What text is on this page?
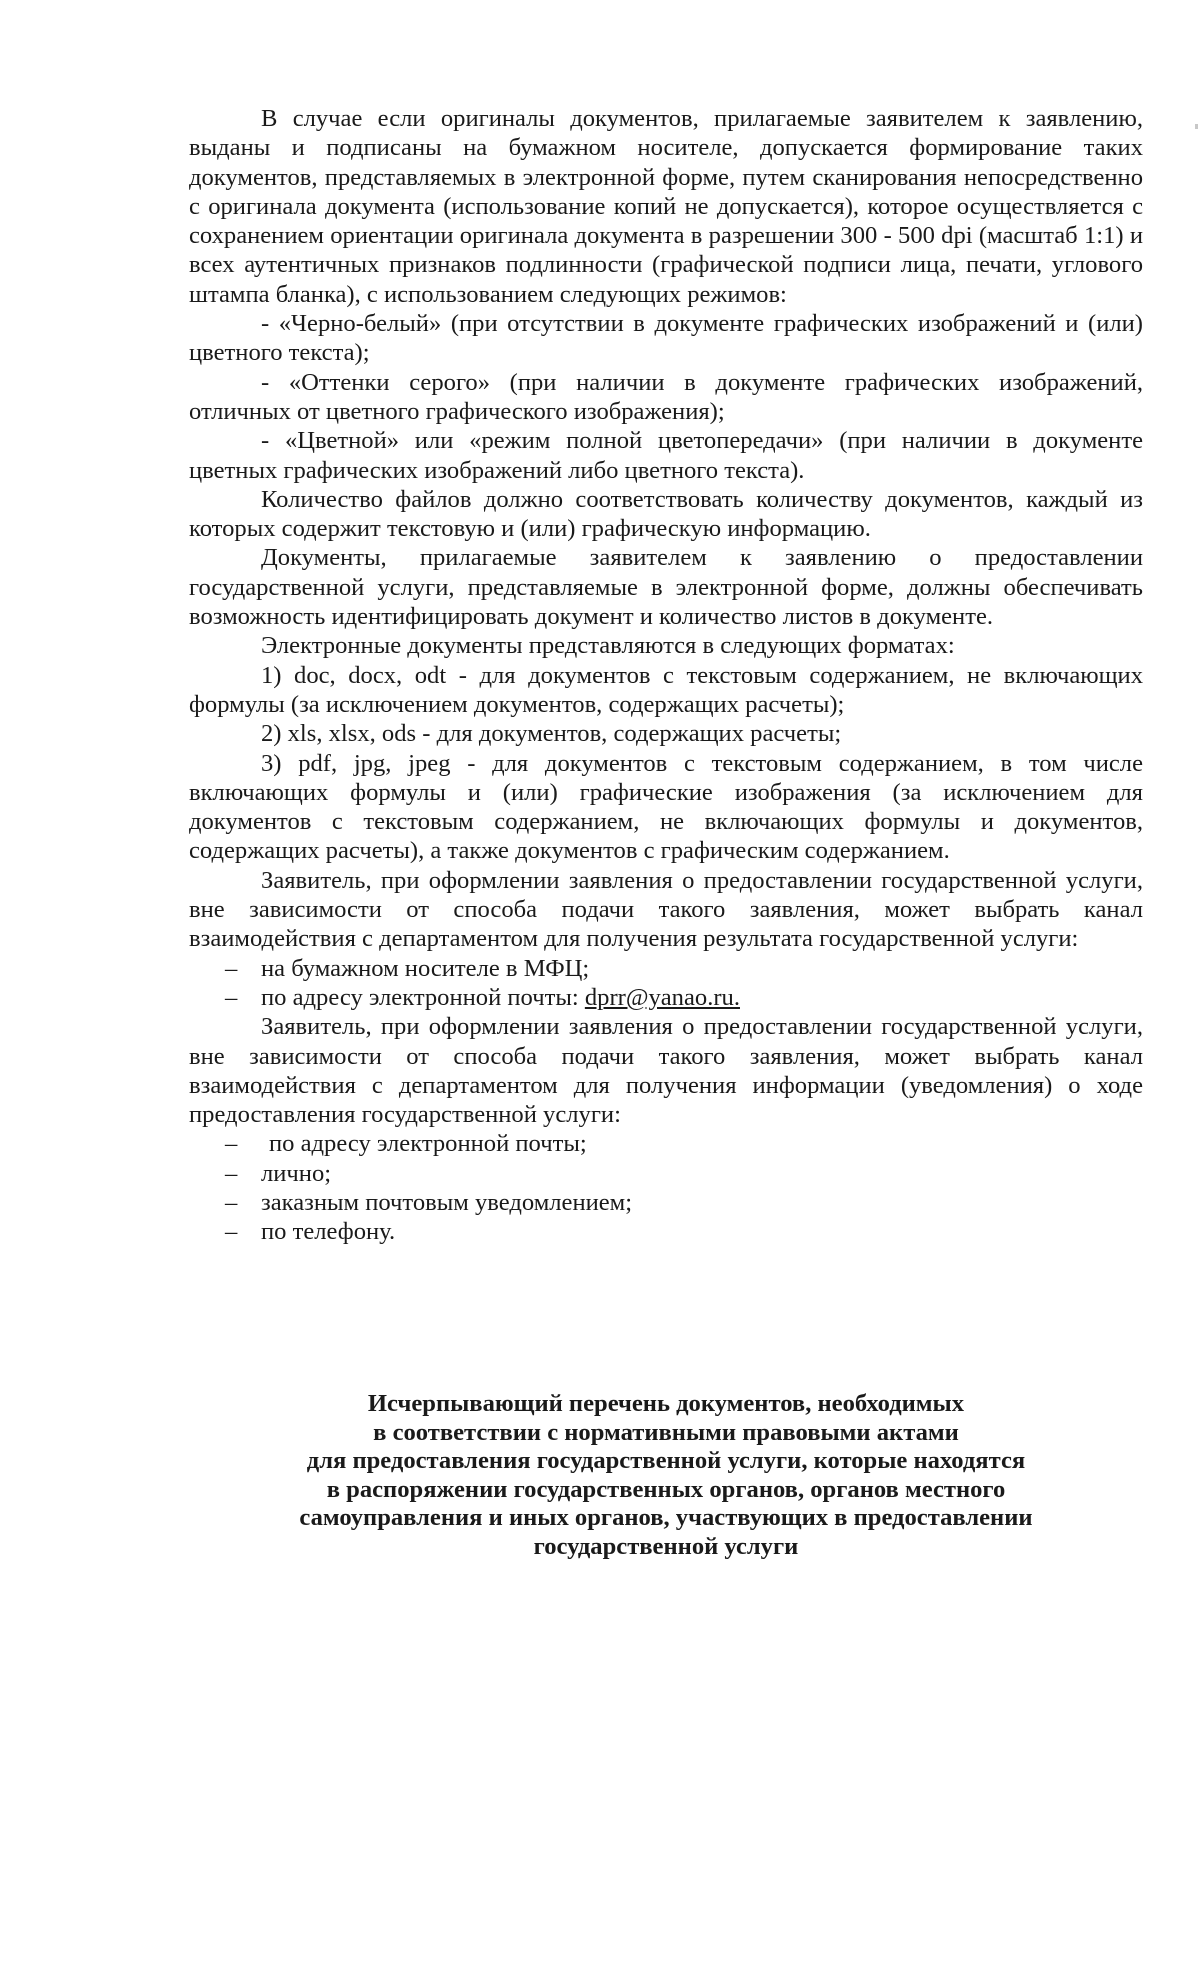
В случае если оригиналы документов, прилагаемые заявителем к заявлению, выданы и подписаны на бумажном носителе, допускается формирование таких документов, представляемых в электронной форме, путем сканирования непосредственно с оригинала документа (использование копий не допускается), которое осуществляется с сохранением ориентации оригинала документа в разрешении 300 - 500 dpi (масштаб 1:1) и всех аутентичных признаков подлинности (графической подписи лица, печати, углового штампа бланка), с использованием следующих режимов:

- «Черно-белый» (при отсутствии в документе графических изображений и (или) цветного текста);

- «Оттенки серого» (при наличии в документе графических изображений, отличных от цветного графического изображения);

- «Цветной» или «режим полной цветопередачи» (при наличии в документе цветных графических изображений либо цветного текста).

Количество файлов должно соответствовать количеству документов, каждый из которых содержит текстовую и (или) графическую информацию.

Документы, прилагаемые заявителем к заявлению о предоставлении государственной услуги, представляемые в электронной форме, должны обеспечивать возможность идентифицировать документ и количество листов в документе.

Электронные документы представляются в следующих форматах:

1) doc, docx, odt - для документов с текстовым содержанием, не включающих формулы (за исключением документов, содержащих расчеты);

2) xls, xlsx, ods - для документов, содержащих расчеты;

3) pdf, jpg, jpeg - для документов с текстовым содержанием, в том числе включающих формулы и (или) графические изображения (за исключением для документов с текстовым содержанием, не включающих формулы и документов, содержащих расчеты), а также документов с графическим содержанием.

Заявитель, при оформлении заявления о предоставлении государственной услуги, вне зависимости от способа подачи такого заявления, может выбрать канал взаимодействия с департаментом для получения результата государственной услуги:

– на бумажном носителе в МФЦ;

– по адресу электронной почты: dprr@yanao.ru.

Заявитель, при оформлении заявления о предоставлении государственной услуги, вне зависимости от способа подачи такого заявления, может выбрать канал взаимодействия с департаментом для получения информации (уведомления) о ходе предоставления государственной услуги:

– по адресу электронной почты;

– лично;

– заказным почтовым уведомлением;

– по телефону.

Исчерпывающий перечень документов, необходимых
в соответствии с нормативными правовыми актами
для предоставления государственной услуги, которые находятся
в распоряжении государственных органов, органов местного
самоуправления и иных органов, участвующих в предоставлении
государственной услуги
